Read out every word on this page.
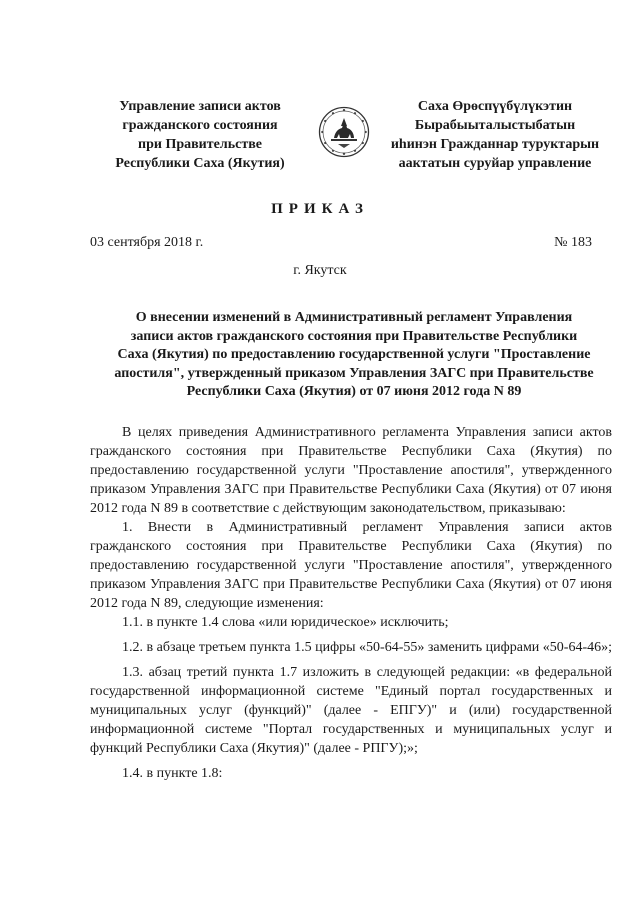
Управление записи актов
гражданского состояния
при Правительстве
Республики Саха (Якутия)
Саха Өрөспүүбүлүкэтин
Бырабыыталыстыбатын
иһинэн Гражданнар туруктарын
аактатын суруйар управление
ПРИКАЗ
03 сентября 2018 г.	№ 183
г. Якутск
О внесении изменений в Административный регламент Управления
записи актов гражданского состояния при Правительстве Республики
Саха (Якутия) по предоставлению государственной услуги "Проставление
апостиля", утвержденный приказом Управления ЗАГС при Правительстве
Республики Саха (Якутия) от 07 июня 2012 года N 89

В целях приведения Административного регламента Управления записи актов гражданского состояния при Правительстве Республики Саха (Якутия) по предоставлению государственной услуги "Проставление апостиля", утвержденного приказом Управления ЗАГС при Правительстве Республики Саха (Якутия) от 07 июня 2012 года N 89 в соответствие с действующим законодательством, приказываю:

1. Внести в Административный регламент Управления записи актов гражданского состояния при Правительстве Республики Саха (Якутия) по предоставлению государственной услуги "Проставление апостиля", утвержденного приказом Управления ЗАГС при Правительстве Республики Саха (Якутия) от 07 июня 2012 года N 89, следующие изменения:

1.1. в пункте 1.4 слова «или юридическое» исключить;

1.2. в абзаце третьем пункта 1.5 цифры «50-64-55» заменить цифрами «50-64-46»;

1.3. абзац третий пункта 1.7 изложить в следующей редакции: «в федеральной государственной информационной системе "Единый портал государственных и муниципальных услуг (функций)" (далее - ЕПГУ)" и (или) государственной информационной системе "Портал государственных и муниципальных услуг и функций Республики Саха (Якутия)" (далее - РПГУ);»;

1.4. в пункте 1.8:
